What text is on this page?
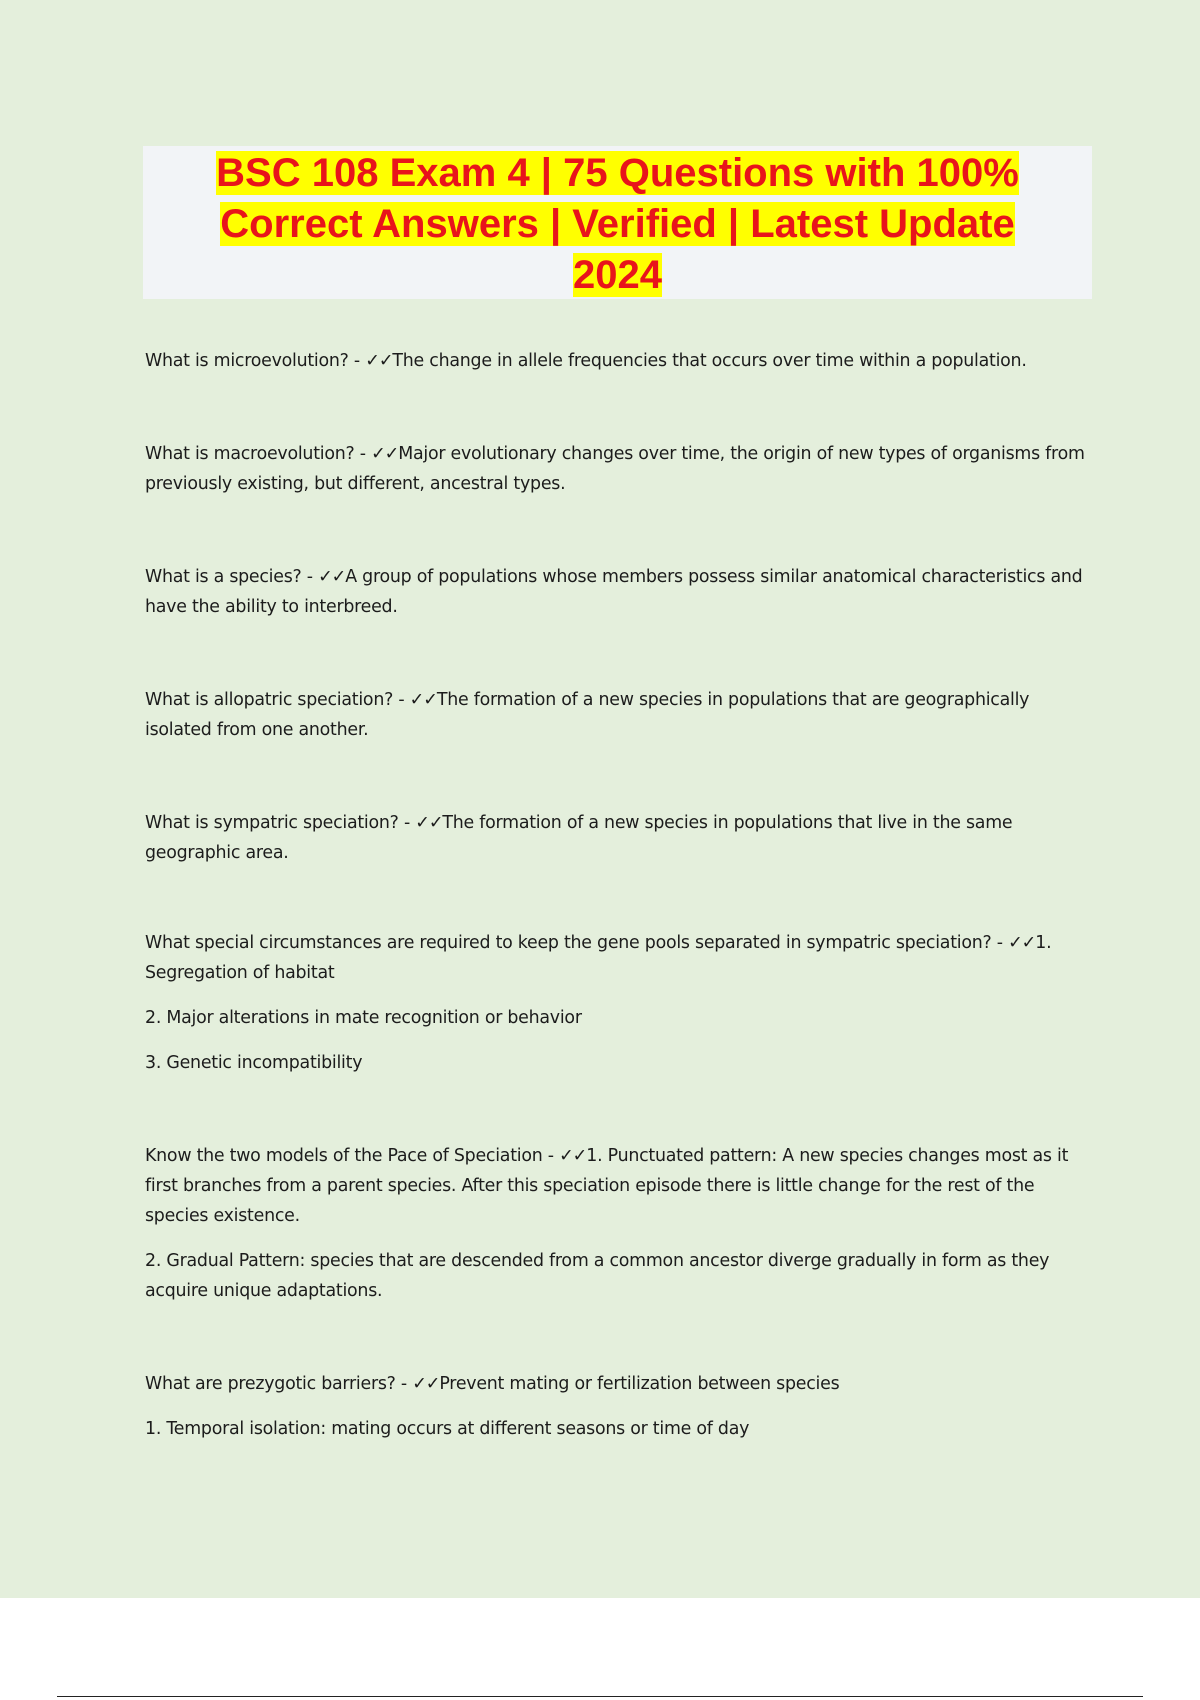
BSC 108 Exam 4 | 75 Questions with 100%
Correct Answers | Verified | Latest Update
2024

What is microevolution? - ✓✓The change in allele frequencies that occurs over time within a population.

What is macroevolution? - ✓✓Major evolutionary changes over time, the origin of new types of organisms from previously existing, but different, ancestral types.

What is a species? - ✓✓A group of populations whose members possess similar anatomical characteristics and have the ability to interbreed.

What is allopatric speciation? - ✓✓The formation of a new species in populations that are geographically isolated from one another.

What is sympatric speciation? - ✓✓The formation of a new species in populations that live in the same geographic area.

What special circumstances are required to keep the gene pools separated in sympatric speciation? - ✓✓1. Segregation of habitat

2. Major alterations in mate recognition or behavior

3. Genetic incompatibility

Know the two models of the Pace of Speciation - ✓✓1. Punctuated pattern: A new species changes most as it first branches from a parent species. After this speciation episode there is little change for the rest of the species existence.

2. Gradual Pattern: species that are descended from a common ancestor diverge gradually in form as they acquire unique adaptations.

What are prezygotic barriers? - ✓✓Prevent mating or fertilization between species

1. Temporal isolation: mating occurs at different seasons or time of day
